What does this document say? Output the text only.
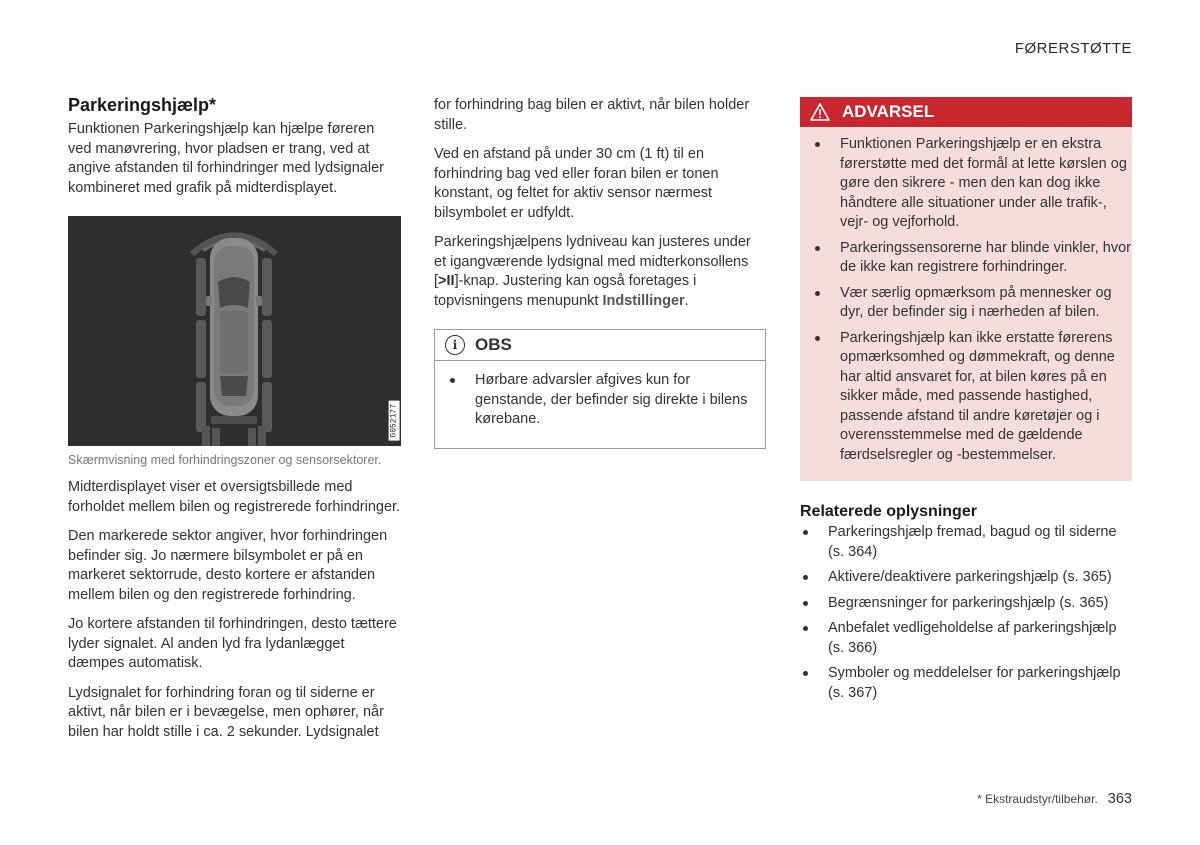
FØRERSTØTTE
Parkeringshjælp*

Funktionen Parkeringshjælp kan hjælpe føreren ved manøvrering, hvor pladsen er trang, ved at angive afstanden til forhindringer med lydsignaler kombineret med grafik på midterdisplayet.

G052177
Skærmvisning med forhindringszoner og sensorsektorer.

Midterdisplayet viser et oversigtsbillede med forholdet mellem bilen og registrerede forhindringer.

Den markerede sektor angiver, hvor forhindringen befinder sig. Jo nærmere bilsymbolet er på en markeret sektorrude, desto kortere er afstanden mellem bilen og den registrerede forhindring.

Jo kortere afstanden til forhindringen, desto tættere lyder signalet. Al anden lyd fra lydanlægget dæmpes automatisk.

Lydsignalet for forhindring foran og til siderne er aktivt, når bilen er i bevægelse, men ophører, når bilen har holdt stille i ca. 2 sekunder. Lydsignalet

for forhindring bag bilen er aktivt, når bilen holder stille.

Ved en afstand på under 30 cm (1 ft) til en forhindring bag ved eller foran bilen er tonen konstant, og feltet for aktiv sensor nærmest bilsymbolet er udfyldt.

Parkeringshjælpens lydniveau kan justeres under et igangværende lydsignal med midterkonsollens [>II]-knap. Justering kan også foretages i topvisningens menupunkt Indstillinger.

i	OBS
Hørbare advarsler afgives kun for genstande, der befinder sig direkte i bilens kørebane.
ADVARSEL
Funktionen Parkeringshjælp er en ekstra førerstøtte med det formål at lette kørslen og gøre den sikrere - men den kan dog ikke håndtere alle situationer under alle trafik-, vejr- og vejforhold.
Parkeringssensorerne har blinde vinkler, hvor de ikke kan registrere forhindringer.
Vær særlig opmærksom på mennesker og dyr, der befinder sig i nærheden af bilen.
Parkeringshjælp kan ikke erstatte førerens opmærksomhed og dømmekraft, og denne har altid ansvaret for, at bilen køres på en sikker måde, med passende hastighed, passende afstand til andre køretøjer og i overensstemmelse med de gældende færdselsregler og -bestemmelser.
Relaterede oplysninger
Parkeringshjælp fremad, bagud og til siderne (s. 364)
Aktivere/deaktivere parkeringshjælp (s. 365)
Begrænsninger for parkeringshjælp (s. 365)
Anbefalet vedligeholdelse af parkeringshjælp (s. 366)
Symboler og meddelelser for parkeringshjælp (s. 367)
* Ekstraudstyr/tilbehør. 363
